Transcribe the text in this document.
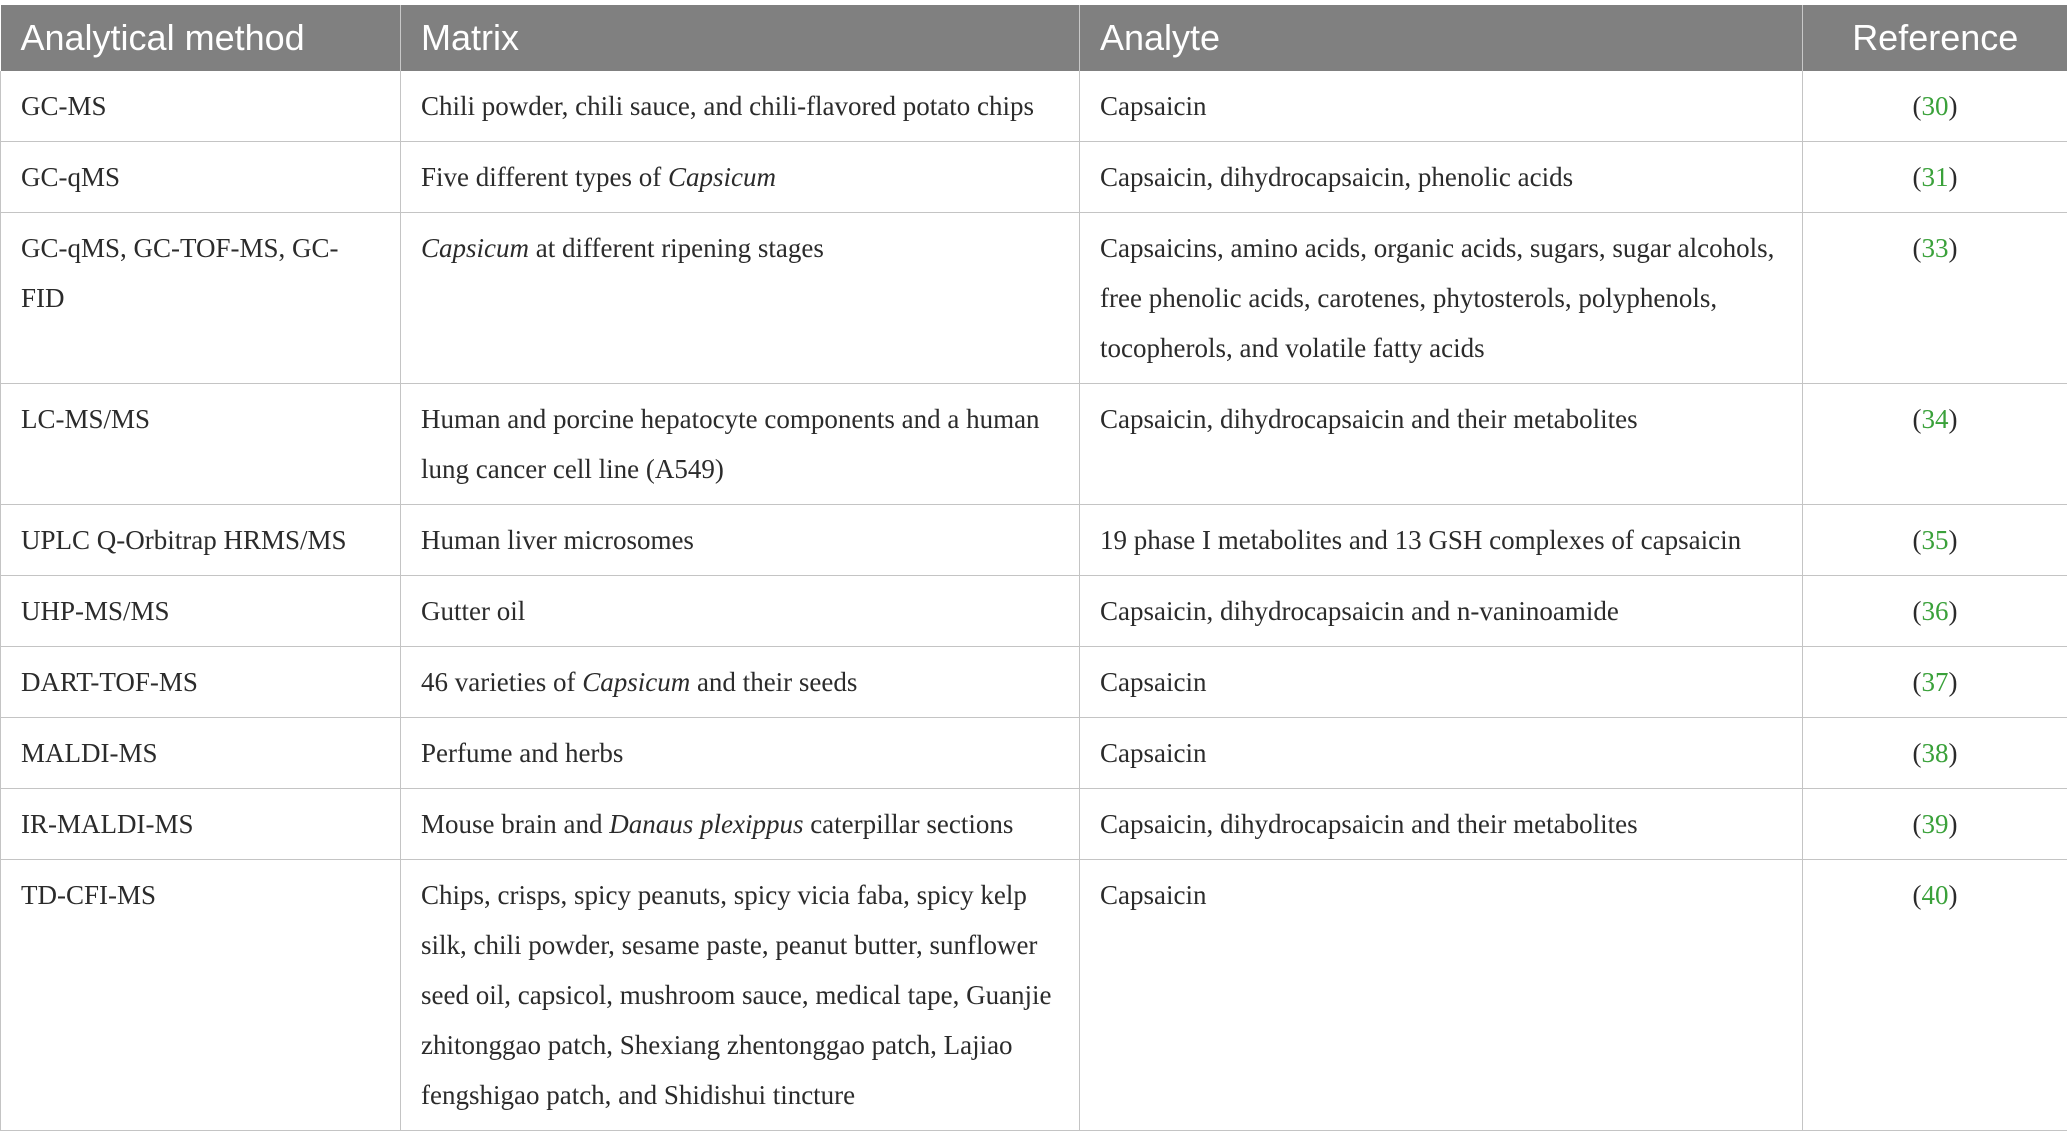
Analytical method	Matrix	Analyte	Reference
GC-MS	Chili powder, chili sauce, and chili-flavored potato chips	Capsaicin	(30)
GC-qMS	Five different types of Capsicum	Capsaicin, dihydrocapsaicin, phenolic acids	(31)
GC-qMS, GC-TOF-MS, GC-FID	Capsicum at different ripening stages	Capsaicins, amino acids, organic acids, sugars, sugar alcohols, free phenolic acids, carotenes, phytosterols, polyphenols, tocopherols, and volatile fatty acids	(33)
LC-MS/MS	Human and porcine hepatocyte components and a human lung cancer cell line (A549)	Capsaicin, dihydrocapsaicin and their metabolites	(34)
UPLC Q-Orbitrap HRMS/MS	Human liver microsomes	19 phase I metabolites and 13 GSH complexes of capsaicin	(35)
UHP-MS/MS	Gutter oil	Capsaicin, dihydrocapsaicin and n-vaninoamide	(36)
DART-TOF-MS	46 varieties of Capsicum and their seeds	Capsaicin	(37)
MALDI-MS	Perfume and herbs	Capsaicin	(38)
IR-MALDI-MS	Mouse brain and Danaus plexippus caterpillar sections	Capsaicin, dihydrocapsaicin and their metabolites	(39)
TD-CFI-MS	Chips, crisps, spicy peanuts, spicy vicia faba, spicy kelp silk, chili powder, sesame paste, peanut butter, sunflower seed oil, capsicol, mushroom sauce, medical tape, Guanjie zhitonggao patch, Shexiang zhentonggao patch, Lajiao fengshigao patch, and Shidishui tincture	Capsaicin	(40)
